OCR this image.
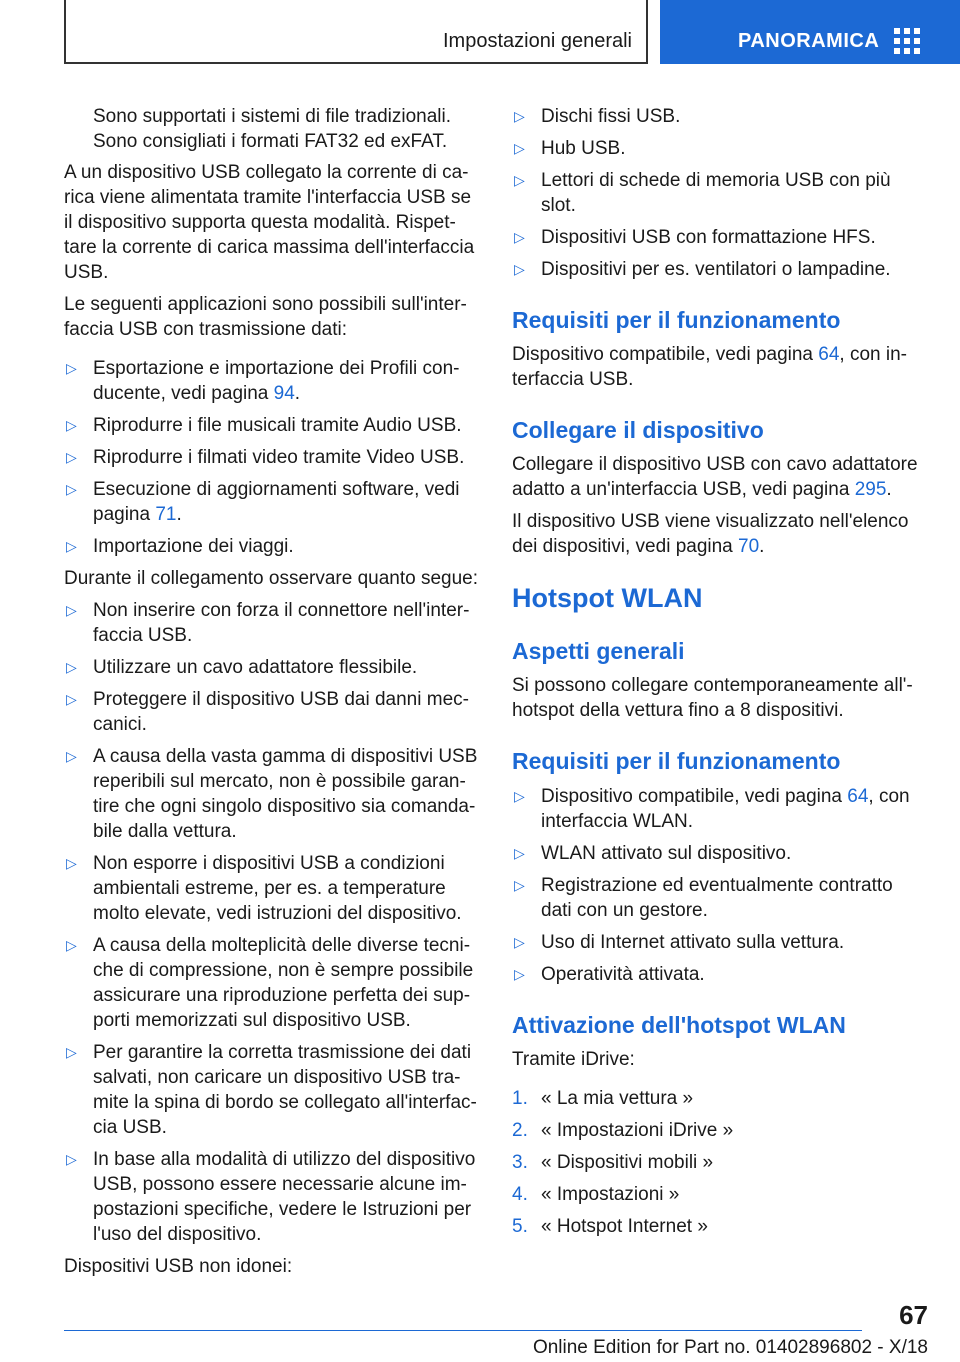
Impostazioni generali	PANORAMICA

Sono supportati i sistemi di file tradizionali.

Sono consigliati i formati FAT32 ed exFAT.

A un dispositivo USB collegato la corrente di ca‐

rica viene alimentata tramite l'interfaccia USB se

il dispositivo supporta questa modalità. Rispet‐

tare la corrente di carica massima dell'interfaccia

USB.

Le seguenti applicazioni sono possibili sull'inter‐

faccia USB con trasmissione dati:

▷ Esportazione e importazione dei Profili con‐

ducente, vedi pagina 94.

▷ Riprodurre i file musicali tramite Audio USB.

▷ Riprodurre i filmati video tramite Video USB.

▷ Esecuzione di aggiornamenti software, vedi

pagina 71.

▷ Importazione dei viaggi.

Durante il collegamento osservare quanto segue:

▷ Non inserire con forza il connettore nell'inter‐

faccia USB.

▷ Utilizzare un cavo adattatore flessibile.

▷ Proteggere il dispositivo USB dai danni mec‐

canici.

▷ A causa della vasta gamma di dispositivi USB

reperibili sul mercato, non è possibile garan‐

tire che ogni singolo dispositivo sia comanda‐

bile dalla vettura.

▷ Non esporre i dispositivi USB a condizioni

ambientali estreme, per es. a temperature

molto elevate, vedi istruzioni del dispositivo.

▷ A causa della molteplicità delle diverse tecni‐

che di compressione, non è sempre possibile

assicurare una riproduzione perfetta dei sup‐

porti memorizzati sul dispositivo USB.

▷ Per garantire la corretta trasmissione dei dati

salvati, non caricare un dispositivo USB tra‐

mite la spina di bordo se collegato all'interfac‐

cia USB.

▷ In base alla modalità di utilizzo del dispositivo

USB, possono essere necessarie alcune im‐

postazioni specifiche, vedere le Istruzioni per

l'uso del dispositivo.

Dispositivi USB non idonei:

▷ Dischi fissi USB.

▷ Hub USB.

▷ Lettori di schede di memoria USB con più

slot.

▷ Dispositivi USB con formattazione HFS.

▷ Dispositivi per es. ventilatori o lampadine.

Requisiti per il funzionamento

Dispositivo compatibile, vedi pagina 64, con in‐

terfaccia USB.

Collegare il dispositivo

Collegare il dispositivo USB con cavo adattatore

adatto a un'interfaccia USB, vedi pagina 295.

Il dispositivo USB viene visualizzato nell'elenco

dei dispositivi, vedi pagina 70.

Hotspot WLAN
Aspetti generali

Si possono collegare contemporaneamente all'‐

hotspot della vettura fino a 8 dispositivi.

Requisiti per il funzionamento
▷ Dispositivo compatibile, vedi pagina 64, con

interfaccia WLAN.

▷ WLAN attivato sul dispositivo.

▷ Registrazione ed eventualmente contratto

dati con un gestore.

▷ Uso di Internet attivato sulla vettura.

▷ Operatività attivata.

Attivazione dell'hotspot WLAN

Tramite iDrive:

1. « La mia vettura »

2. « Impostazioni iDrive »

3. « Dispositivi mobili »

4. « Impostazioni »

5. « Hotspot Internet »

67
Online Edition for Part no. 01402896802 - X/18
